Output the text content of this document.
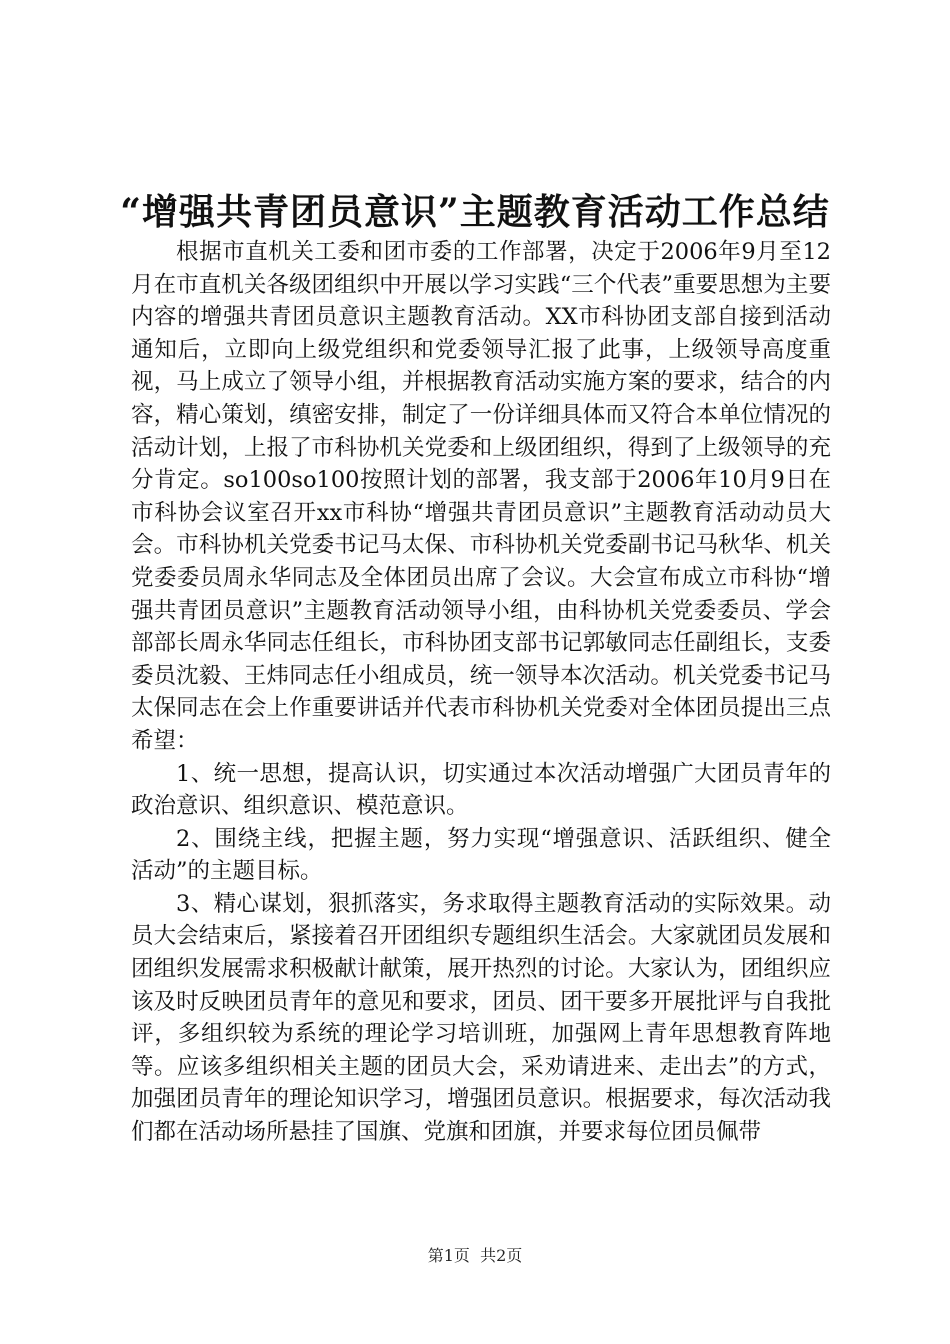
“增强共青团员意识”主题教育活动工作总结

根据市直机关工委和团市委的工作部署，决定于2006年9月至12月在市直机关各级团组织中开展以学习实践“三个代表”重要思想为主要内容的增强共青团员意识主题教育活动。XX市科协团支部自接到活动通知后，立即向上级党组织和党委领导汇报了此事，上级领导高度重视，马上成立了领导小组，并根据教育活动实施方案的要求，结合的内容，精心策划，缜密安排，制定了一份详细具体而又符合本单位情况的活动计划，上报了市科协机关党委和上级团组织，得到了上级领导的充分肯定。so100so100按照计划的部署，我支部于2006年10月9日在市科协会议室召开xx市科协“增强共青团员意识”主题教育活动动员大会。市科协机关党委书记马太保、市科协机关党委副书记马秋华、机关党委委员周永华同志及全体团员出席了会议。大会宣布成立市科协“增强共青团员意识”主题教育活动领导小组，由科协机关党委委员、学会部部长周永华同志任组长，市科协团支部书记郭敏同志任副组长，支委委员沈毅、王炜同志任小组成员，统一领导本次活动。机关党委书记马太保同志在会上作重要讲话并代表市科协机关党委对全体团员提出三点希望：

1、统一思想，提高认识，切实通过本次活动增强广大团员青年的政治意识、组织意识、模范意识。

2、围绕主线，把握主题，努力实现“增强意识、活跃组织、健全活动”的主题目标。

3、精心谋划，狠抓落实，务求取得主题教育活动的实际效果。动员大会结束后，紧接着召开团组织专题组织生活会。大家就团员发展和团组织发展需求积极献计献策，展开热烈的讨论。大家认为，团组织应该及时反映团员青年的意见和要求，团员、团干要多开展批评与自我批评，多组织较为系统的理论学习培训班，加强网上青年思想教育阵地等。应该多组织相关主题的团员大会，采劝请进来、走出去”的方式，加强团员青年的理论知识学习，增强团员意识。根据要求，每次活动我们都在活动场所悬挂了国旗、党旗和团旗，并要求每位团员佩带

第1页 共2页
